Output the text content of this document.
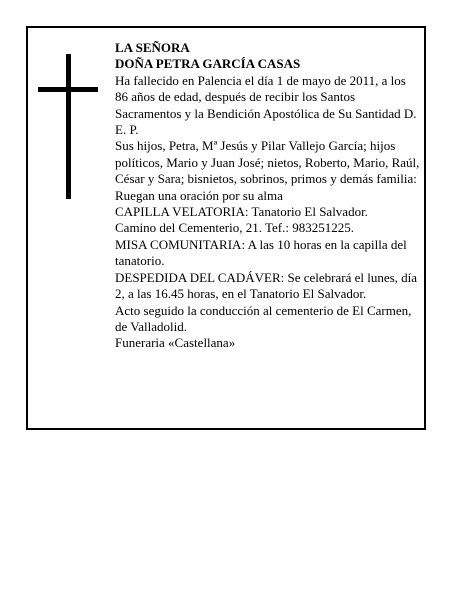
LA SEÑORA

DOÑA PETRA GARCÍA CASAS

Ha fallecido en Palencia el día 1 de mayo de 2011, a los 86 años de edad, después de recibir los Santos Sacramentos y la Bendición Apostólica de Su Santidad D. E. P.

Sus hijos, Petra, Mª Jesús y Pilar Vallejo García; hijos políticos, Mario y Juan José; nietos, Roberto, Mario, Raúl, César y Sara; bisnietos, sobrinos, primos y demás familia:

Ruegan una oración por su alma

CAPILLA VELATORIA: Tanatorio El Salvador.

Camino del Cementerio, 21. Tef.: 983251225.

MISA COMUNITARIA: A las 10 horas en la capilla del tanatorio.

DESPEDIDA DEL CADÁVER: Se celebrará el lunes, día 2, a las 16.45 horas, en el Tanatorio El Salvador.

Acto seguido la conducción al cementerio de El Carmen, de Valladolid.

Funeraria «Castellana»
